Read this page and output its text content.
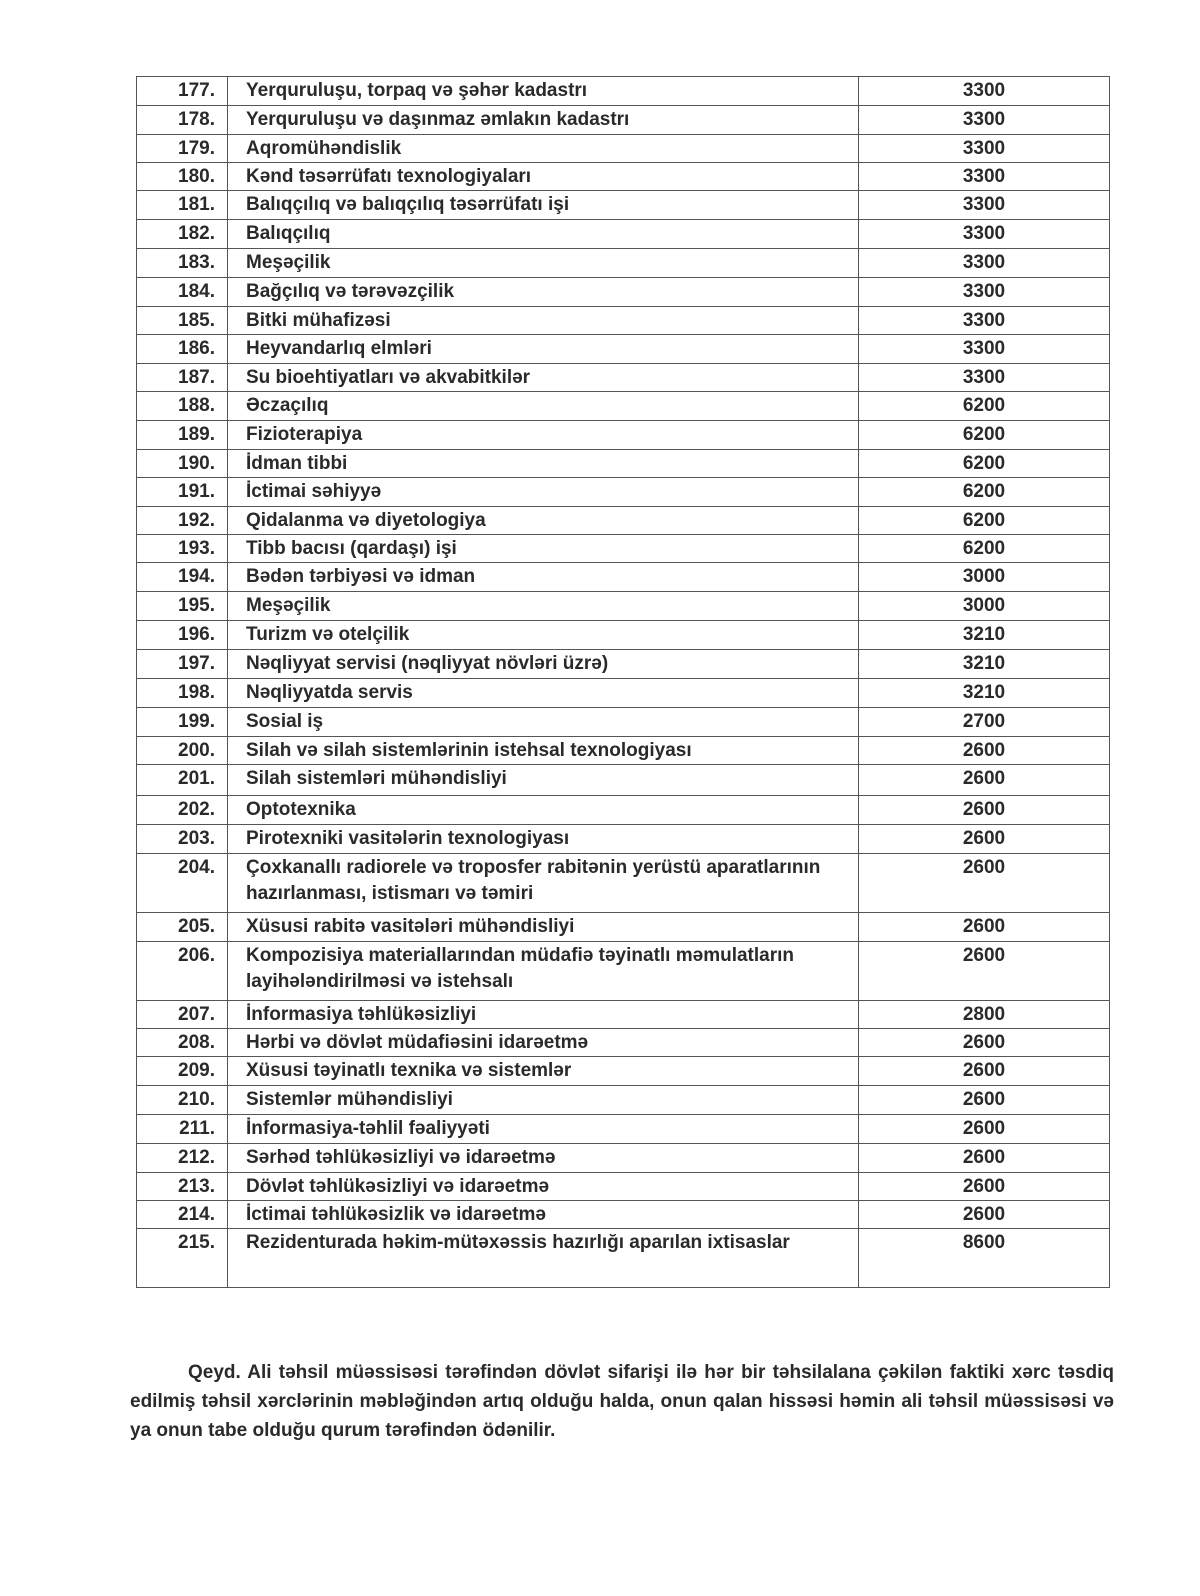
177.	Yerquruluşu, torpaq və şəhər kadastrı	3300
178.	Yerquruluşu və daşınmaz əmlakın kadastrı	3300
179.	Aqromühəndislik	3300
180.	Kənd təsərrüfatı texnologiyaları	3300
181.	Balıqçılıq və balıqçılıq təsərrüfatı işi	3300
182.	Balıqçılıq	3300
183.	Meşəçilik	3300
184.	Bağçılıq və tərəvəzçilik	3300
185.	Bitki mühafizəsi	3300
186.	Heyvandarlıq elmləri	3300
187.	Su bioehtiyatları və akvabitkilər	3300
188.	Əczaçılıq	6200
189.	Fizioterapiya	6200
190.	İdman tibbi	6200
191.	İctimai səhiyyə	6200
192.	Qidalanma və diyetologiya	6200
193.	Tibb bacısı (qardaşı) işi	6200
194.	Bədən tərbiyəsi və idman	3000
195.	Meşəçilik	3000
196.	Turizm və otelçilik	3210
197.	Nəqliyyat servisi (nəqliyyat növləri üzrə)	3210
198.	Nəqliyyatda servis	3210
199.	Sosial iş	2700
200.	Silah və silah sistemlərinin istehsal texnologiyası	2600
201.	Silah sistemləri mühəndisliyi	2600
202.	Optotexnika	2600
203.	Pirotexniki vasitələrin texnologiyası	2600
204.	Çoxkanallı radiorele və troposfer rabitənin yerüstü aparatlarının hazırlanması, istismarı və təmiri	2600
205.	Xüsusi rabitə vasitələri mühəndisliyi	2600
206.	Kompozisiya materiallarından müdafiə təyinatlı məmulatların layihələndirilməsi və istehsalı	2600
207.	İnformasiya təhlükəsizliyi	2800
208.	Hərbi və dövlət müdafiəsini idarəetmə	2600
209.	Xüsusi təyinatlı texnika və sistemlər	2600
210.	Sistemlər mühəndisliyi	2600
211.	İnformasiya-təhlil fəaliyyəti	2600
212.	Sərhəd təhlükəsizliyi və idarəetmə	2600
213.	Dövlət təhlükəsizliyi və idarəetmə	2600
214.	İctimai təhlükəsizlik və idarəetmə	2600
215.	Rezidenturada həkim-mütəxəssis hazırlığı aparılan ixtisaslar	8600

Qeyd. Ali təhsil müəssisəsi tərəfindən dövlət sifarişi ilə hər bir təhsilalana çəkilən faktiki xərc təsdiq edilmiş təhsil xərclərinin məbləğindən artıq olduğu halda, onun qalan hissəsi həmin ali təhsil müəssisəsi və ya onun tabe olduğu qurum tərəfindən ödənilir.
